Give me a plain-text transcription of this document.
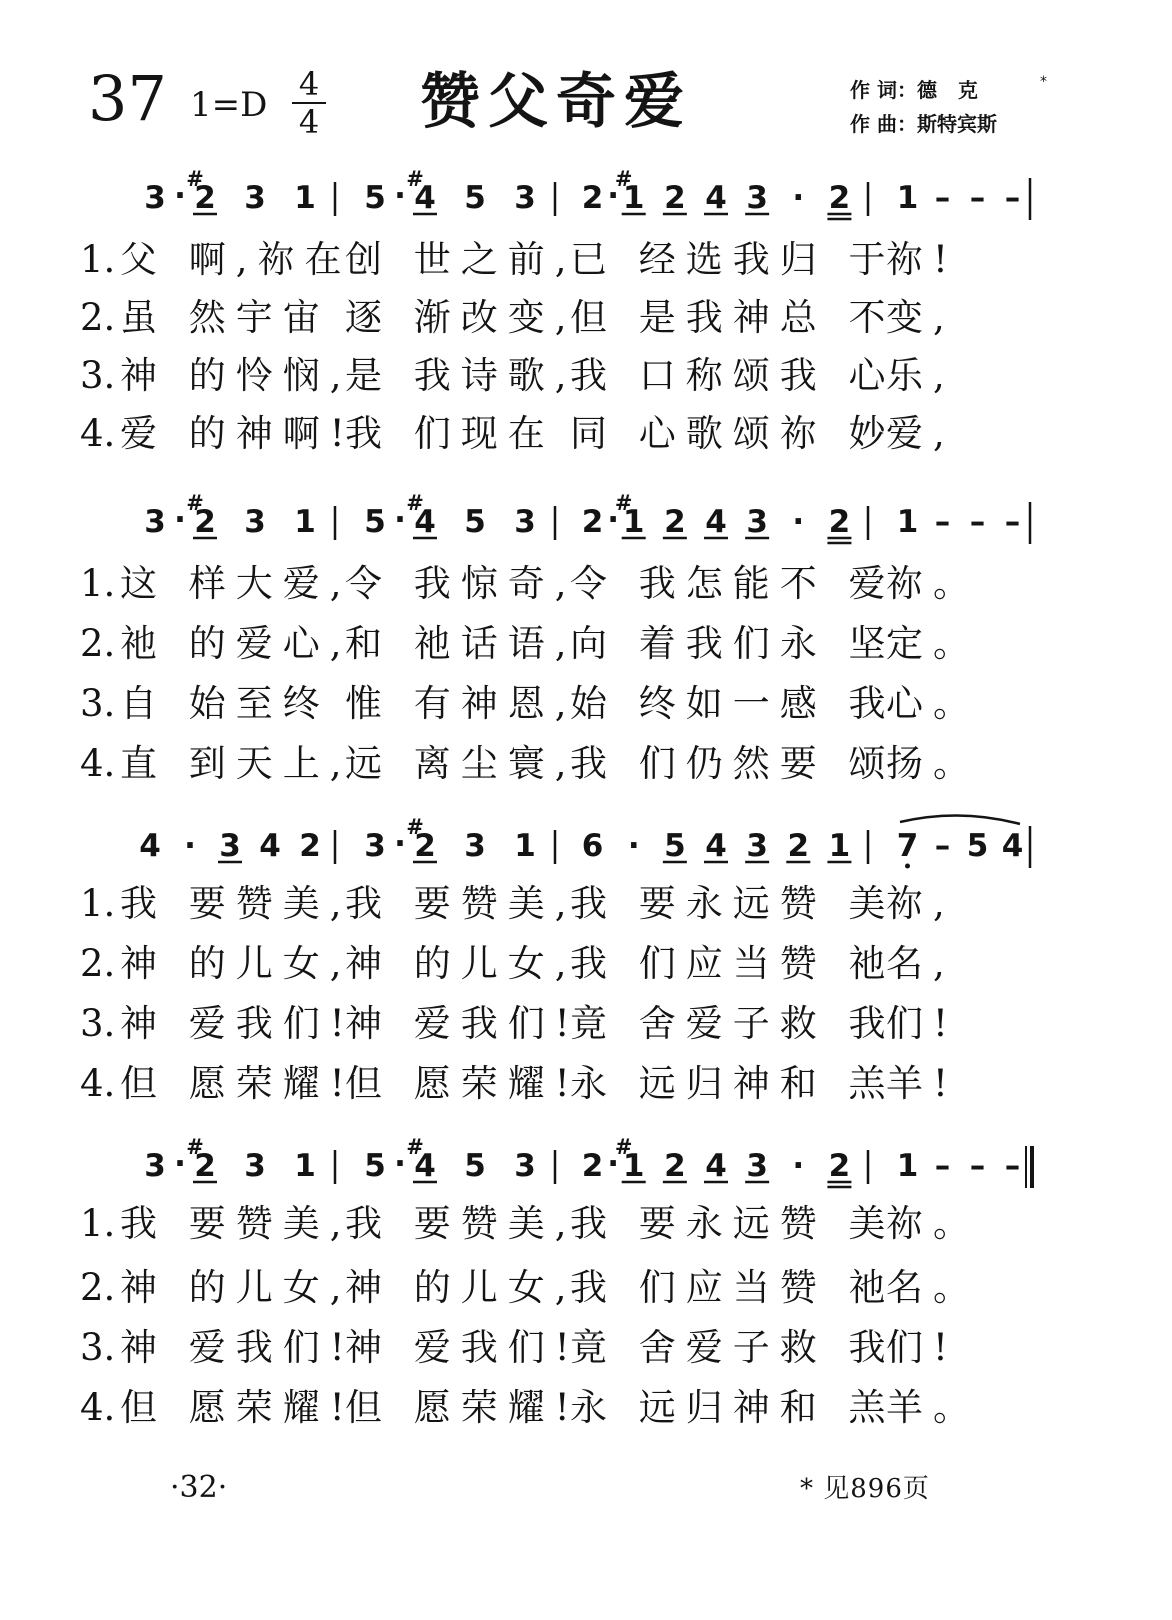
37 1=D
4
4 赞父奇爱	作 词：德   克
作 曲：斯特宾斯
*
3 · 2
#
3 1 5 · 4
#
5 3 2 · 1
#
2 4 3 · 2 1 – – –
1. 父 啊,祢在
创 世之前,
已 经选我归 于
祢!
2. 虽 然宇宙 逐 渐改变,
但 是我神总 不
变,
3. 神 的怜悯,
是 我诗歌,
我 口称颂我 心
乐,
4. 爱 的神啊!
我 们现在 同 心歌颂祢 妙
爱,
3 · 2
#
3 1 5 · 4
#
5 3 2 · 1
#
2 4 3 · 2 1 – – –
1. 这 样大爱,
令 我惊奇,
令 我怎能不 爱
祢。
2. 祂 的爱心,
和 祂话语,
向 着我们永 坚
定。
3. 自 始至终 惟 有神恩,
始 终如一感 我
心。
4. 直 到天上,
远 离尘寰,
我 们仍然要 颂
扬。
4 · 3 4 2 3 · 2
#
3 1 6 · 5 4 3 2 1 7 – 5 4
1. 我 要赞美,
我 要赞美,
我 要永远赞 美
祢,
2. 神 的儿女,
神 的儿女,
我 们应当赞 祂
名,
3. 神 爱我们!
神 爱我们!
竟 舍爱子救 我
们!
4. 但 愿荣耀!
但 愿荣耀!
永 远归神和 羔
羊!
3 · 2
#
3 1 5 · 4
#
5 3 2 · 1
#
2 4 3 · 2 1 – – –
1. 我 要赞美,
我 要赞美,
我 要永远赞 美
祢。
2. 神 的儿女,
神 的儿女,
我 们应当赞 祂
名。
3. 神 爱我们!
神 爱我们!
竟 舍爱子救 我
们!
4. 但 愿荣耀!
但 愿荣耀!
永 远归神和 羔
羊。
·32·	* 见896页
